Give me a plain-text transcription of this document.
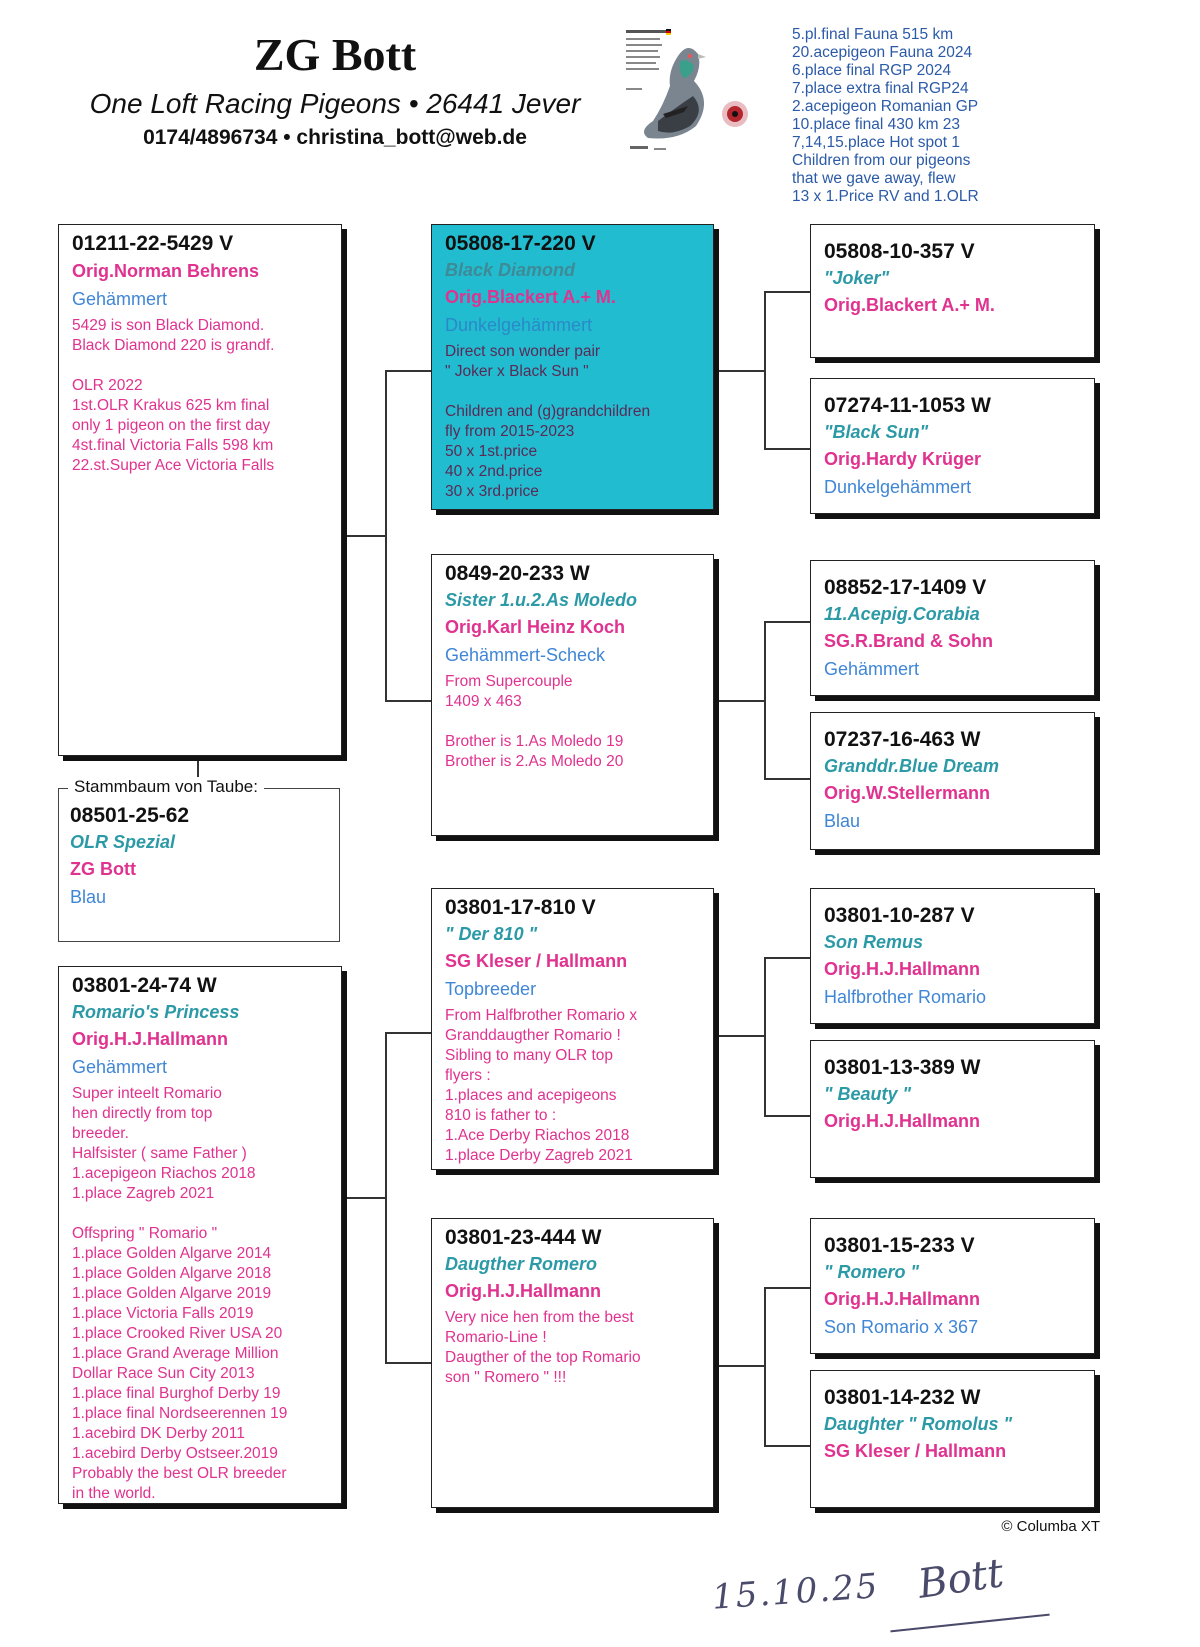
ZG Bott
One Loft Racing Pigeons • 26441 Jever
0174/4896734 • christina_bott@web.de
5.pl.final Fauna 515 km
20.acepigeon Fauna 2024
6.place final RGP 2024
7.place extra final RGP24
2.acepigeon Romanian GP
10.place final 430 km 23
7,14,15.place Hot spot 1
Children from our pigeons
that we gave away, flew
13 x 1.Price RV and 1.OLR
01211-22-5429 V
Orig.Norman Behrens
Gehämmert
5429 is son Black Diamond.
Black Diamond 220 is grandf.

OLR 2022
1st.OLR Krakus 625 km final
only 1 pigeon on the first day
4st.final Victoria Falls 598 km
22.st.Super Ace Victoria Falls
Stammbaum von Taube:
08501-25-62
OLR Spezial
ZG Bott
Blau
03801-24-74 W
Romario's Princess
Orig.H.J.Hallmann
Gehämmert
Super inteelt Romario
hen directly from top
breeder.
Halfsister ( same Father )
1.acepigeon Riachos 2018
1.place Zagreb 2021

Offspring " Romario "
1.place Golden Algarve 2014
1.place Golden Algarve 2018
1.place Golden Algarve 2019
1.place Victoria Falls 2019
1.place Crooked River USA 20
1.place Grand Average Million
Dollar Race Sun City 2013
1.place final Burghof Derby 19
1.place final Nordseerennen 19
1.acebird DK Derby 2011
1.acebird Derby Ostseer.2019
Probably the best OLR breeder
in the world.
05808-17-220 V
Black Diamond
Orig.Blackert A.+ M.
Dunkelgehämmert
Direct son wonder pair
" Joker x Black Sun "

Children and (g)grandchildren
fly from 2015-2023
50 x 1st.price
40 x 2nd.price
30 x 3rd.price
0849-20-233 W
Sister 1.u.2.As Moledo
Orig.Karl Heinz Koch
Gehämmert-Scheck
From Supercouple
1409 x 463

Brother is 1.As Moledo 19
Brother is 2.As Moledo 20
03801-17-810 V
" Der 810 "
SG Kleser / Hallmann
Topbreeder
From Halfbrother Romario x
Granddaugther Romario !
Sibling to many OLR top
flyers :
1.places and acepigeons
810 is father to :
1.Ace Derby Riachos 2018
1.place Derby Zagreb 2021
03801-23-444 W
Daugther Romero
Orig.H.J.Hallmann
Very nice hen from the best
Romario-Line !
Daugther of the top Romario
son " Romero " !!!
05808-10-357 V
"Joker"
Orig.Blackert A.+ M.
07274-11-1053 W
"Black Sun"
Orig.Hardy Krüger
Dunkelgehämmert
08852-17-1409 V
11.Acepig.Corabia
SG.R.Brand & Sohn
Gehämmert
07237-16-463 W
Granddr.Blue Dream
Orig.W.Stellermann
Blau
03801-10-287 V
Son Remus
Orig.H.J.Hallmann
Halfbrother Romario
03801-13-389 W
" Beauty "
Orig.H.J.Hallmann
03801-15-233 V
" Romero "
Orig.H.J.Hallmann
Son Romario x 367
03801-14-232 W
Daughter " Romolus "
SG Kleser / Hallmann
© Columba XT
15.10.25 Bott
